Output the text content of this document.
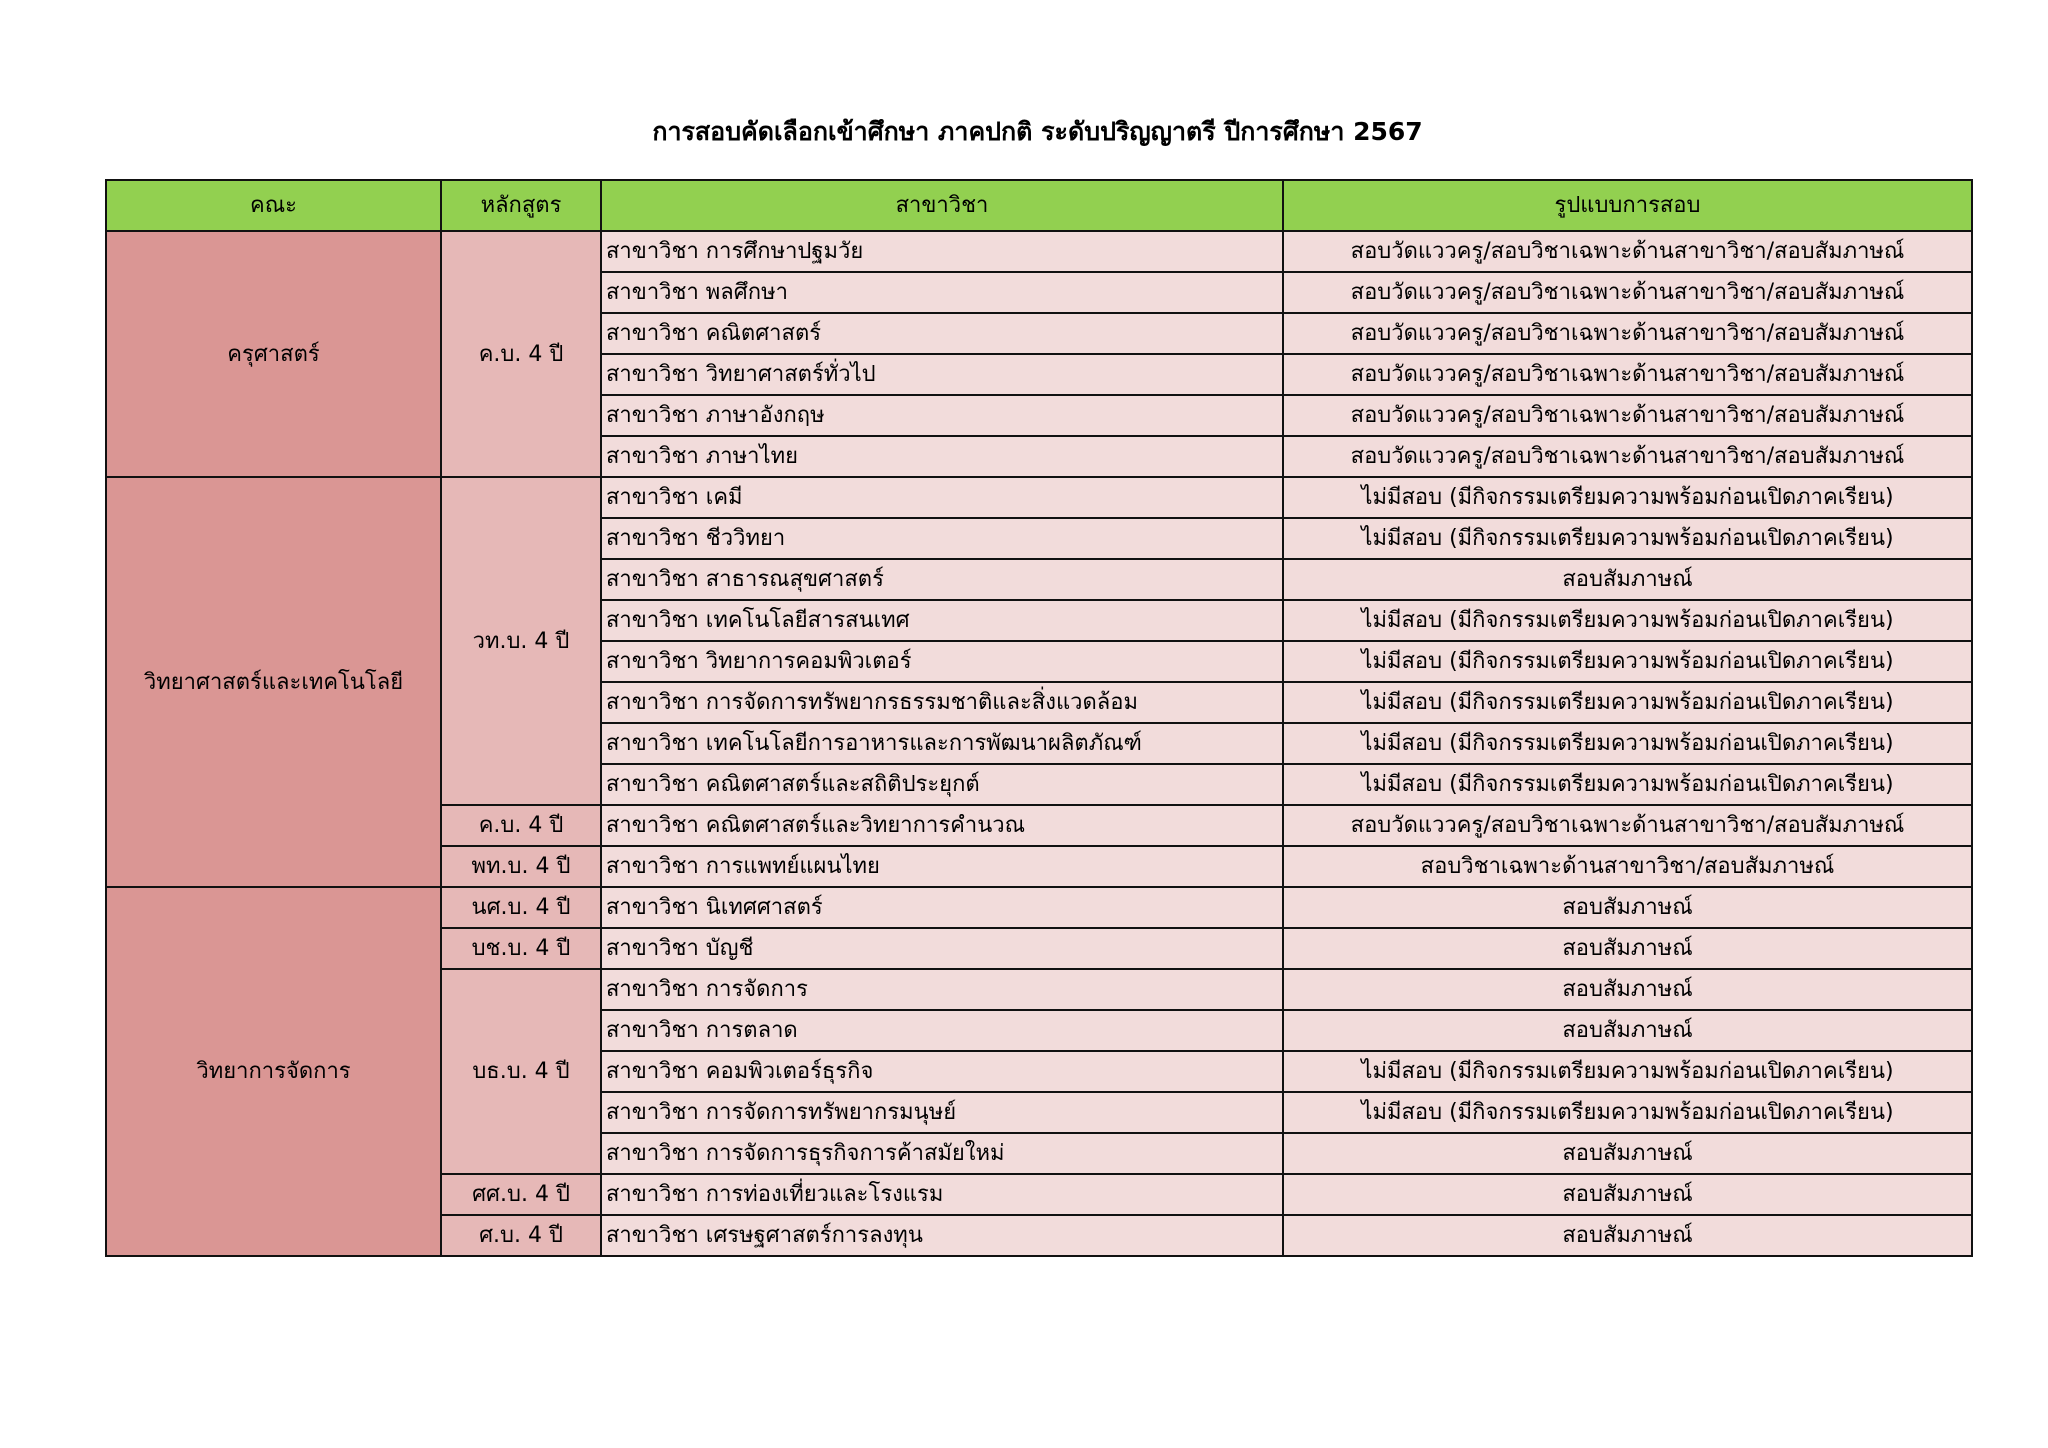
การสอบคัดเลือกเข้าศึกษา ภาคปกติ ระดับปริญญาตรี ปีการศึกษา 2567
คณะ	หลักสูตร	สาขาวิชา	รูปแบบการสอบ
ครุศาสตร์	ค.บ. 4 ปี	สาขาวิชา การศึกษาปฐมวัย	สอบวัดแววครู/สอบวิชาเฉพาะด้านสาขาวิชา/สอบสัมภาษณ์
		สาขาวิชา พลศึกษา	สอบวัดแววครู/สอบวิชาเฉพาะด้านสาขาวิชา/สอบสัมภาษณ์
		สาขาวิชา คณิตศาสตร์	สอบวัดแววครู/สอบวิชาเฉพาะด้านสาขาวิชา/สอบสัมภาษณ์
		สาขาวิชา วิทยาศาสตร์ทั่วไป	สอบวัดแววครู/สอบวิชาเฉพาะด้านสาขาวิชา/สอบสัมภาษณ์
		สาขาวิชา ภาษาอังกฤษ	สอบวัดแววครู/สอบวิชาเฉพาะด้านสาขาวิชา/สอบสัมภาษณ์
		สาขาวิชา ภาษาไทย	สอบวัดแววครู/สอบวิชาเฉพาะด้านสาขาวิชา/สอบสัมภาษณ์
วิทยาศาสตร์และเทคโนโลยี	วท.บ. 4 ปี	สาขาวิชา เคมี	ไม่มีสอบ (มีกิจกรรมเตรียมความพร้อมก่อนเปิดภาคเรียน)
		สาขาวิชา ชีววิทยา	ไม่มีสอบ (มีกิจกรรมเตรียมความพร้อมก่อนเปิดภาคเรียน)
		สาขาวิชา สาธารณสุขศาสตร์	สอบสัมภาษณ์
		สาขาวิชา เทคโนโลยีสารสนเทศ	ไม่มีสอบ (มีกิจกรรมเตรียมความพร้อมก่อนเปิดภาคเรียน)
		สาขาวิชา วิทยาการคอมพิวเตอร์	ไม่มีสอบ (มีกิจกรรมเตรียมความพร้อมก่อนเปิดภาคเรียน)
		สาขาวิชา การจัดการทรัพยากรธรรมชาติและสิ่งแวดล้อม	ไม่มีสอบ (มีกิจกรรมเตรียมความพร้อมก่อนเปิดภาคเรียน)
		สาขาวิชา เทคโนโลยีการอาหารและการพัฒนาผลิตภัณฑ์	ไม่มีสอบ (มีกิจกรรมเตรียมความพร้อมก่อนเปิดภาคเรียน)
		สาขาวิชา คณิตศาสตร์และสถิติประยุกต์	ไม่มีสอบ (มีกิจกรรมเตรียมความพร้อมก่อนเปิดภาคเรียน)
	ค.บ. 4 ปี	สาขาวิชา คณิตศาสตร์และวิทยาการคำนวณ	สอบวัดแววครู/สอบวิชาเฉพาะด้านสาขาวิชา/สอบสัมภาษณ์
	พท.บ. 4 ปี	สาขาวิชา การแพทย์แผนไทย	สอบวิชาเฉพาะด้านสาขาวิชา/สอบสัมภาษณ์
วิทยาการจัดการ	นศ.บ. 4 ปี	สาขาวิชา นิเทศศาสตร์	สอบสัมภาษณ์
	บช.บ. 4 ปี	สาขาวิชา บัญชี	สอบสัมภาษณ์
	บธ.บ. 4 ปี	สาขาวิชา การจัดการ	สอบสัมภาษณ์
		สาขาวิชา การตลาด	สอบสัมภาษณ์
		สาขาวิชา คอมพิวเตอร์ธุรกิจ	ไม่มีสอบ (มีกิจกรรมเตรียมความพร้อมก่อนเปิดภาคเรียน)
		สาขาวิชา การจัดการทรัพยากรมนุษย์	ไม่มีสอบ (มีกิจกรรมเตรียมความพร้อมก่อนเปิดภาคเรียน)
		สาขาวิชา การจัดการธุรกิจการค้าสมัยใหม่	สอบสัมภาษณ์
	ศศ.บ. 4 ปี	สาขาวิชา การท่องเที่ยวและโรงแรม	สอบสัมภาษณ์
	ศ.บ. 4 ปี	สาขาวิชา เศรษฐศาสตร์การลงทุน	สอบสัมภาษณ์
